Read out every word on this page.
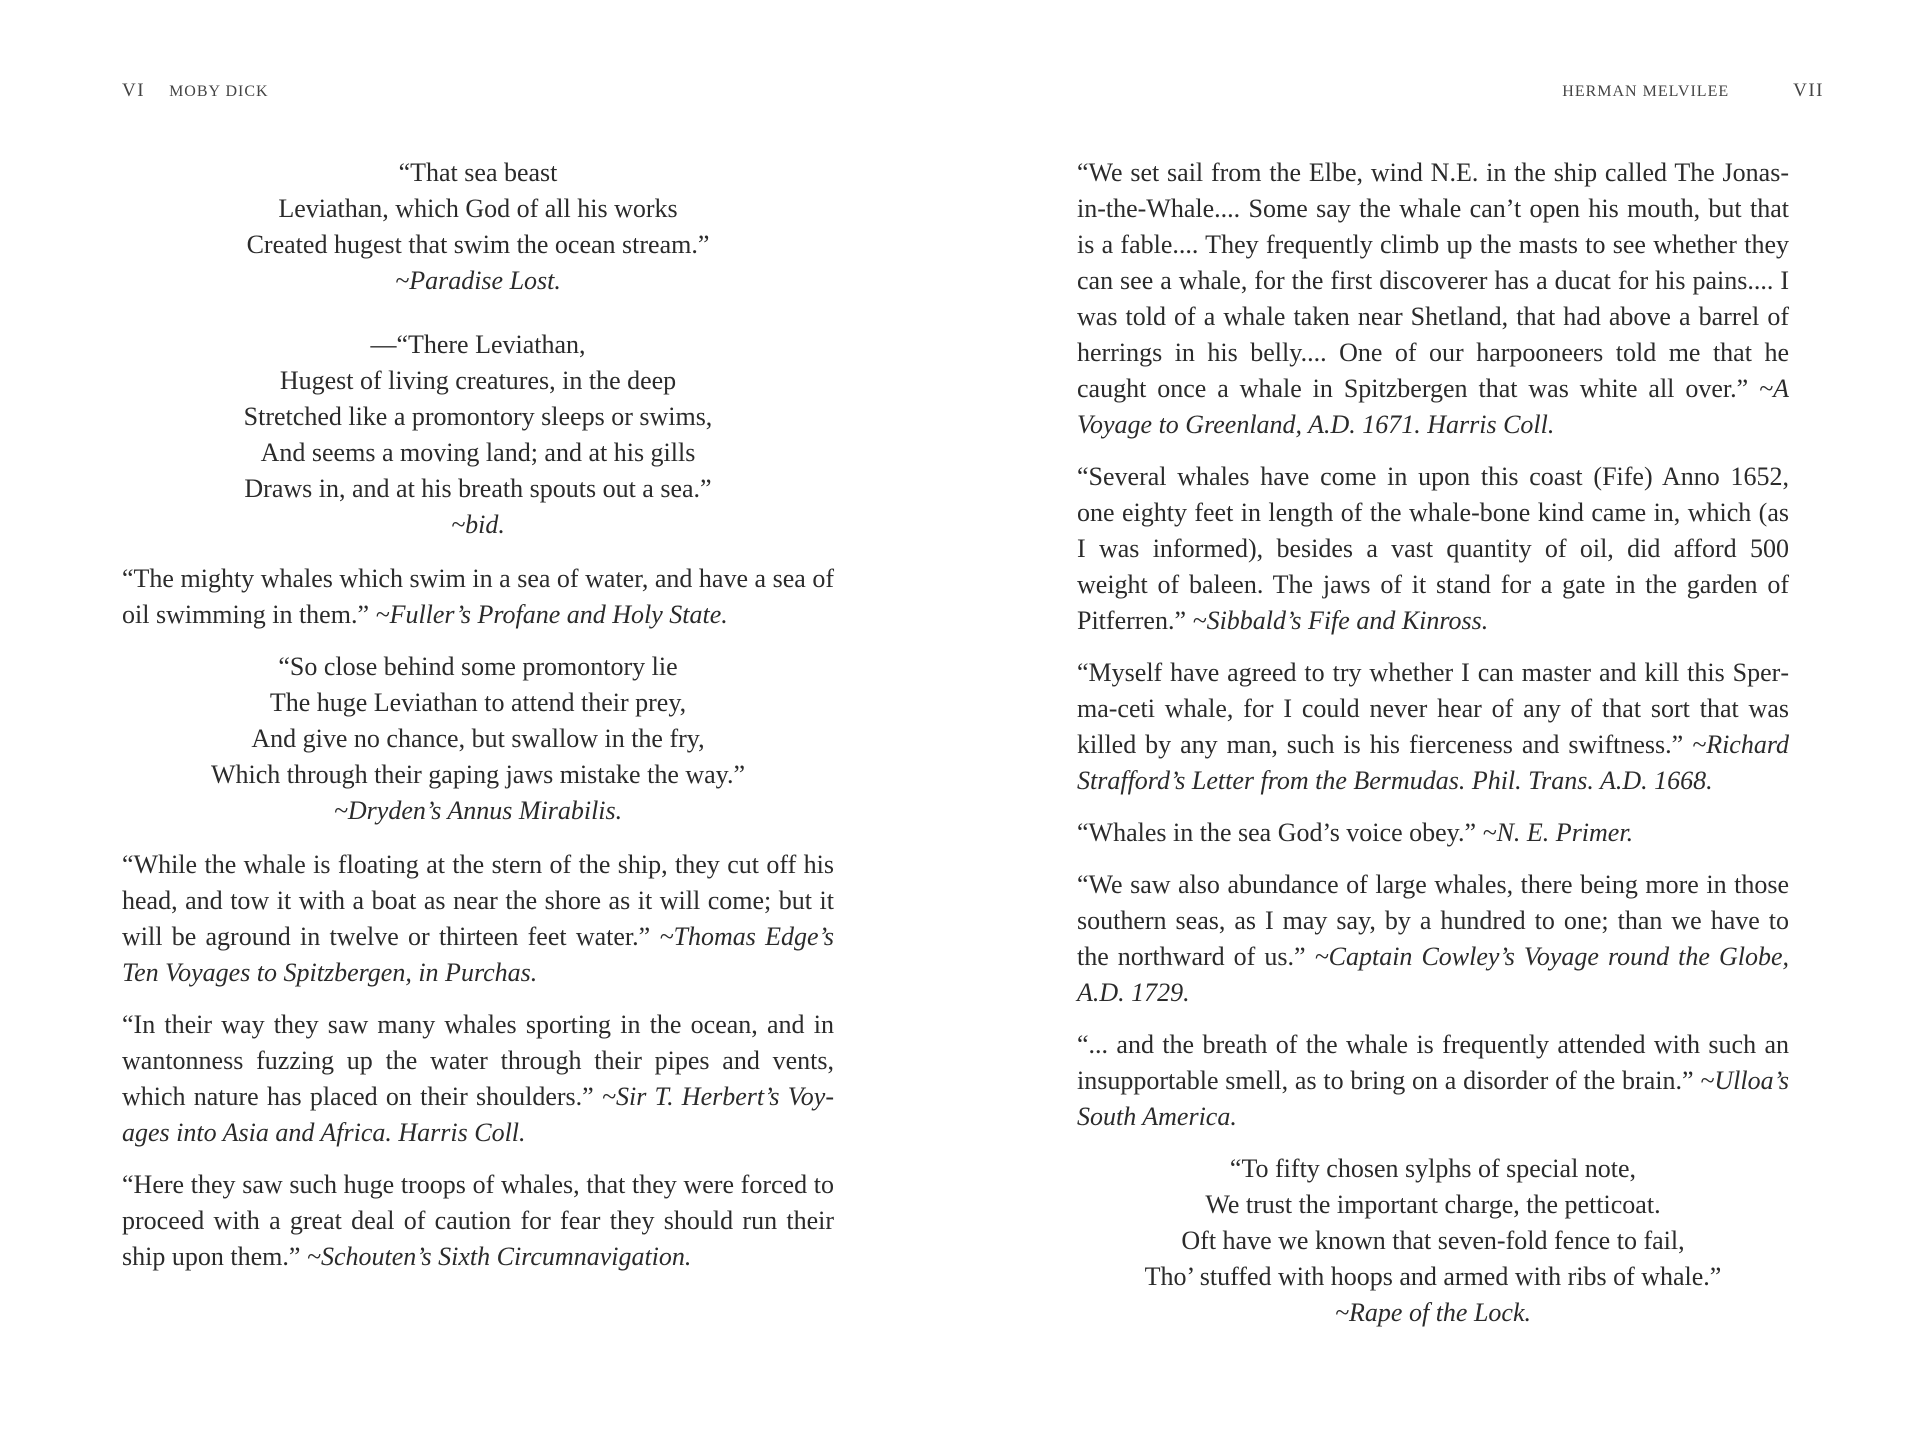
VI MOBY DICK
“That sea beast
Leviathan, which God of all his works
Created hugest that swim the ocean stream.”
~Paradise Lost.
—“There Leviathan,
Hugest of living creatures, in the deep
Stretched like a promontory sleeps or swims,
And seems a moving land; and at his gills
Draws in, and at his breath spouts out a sea.”
~bid.

“The mighty whales which swim in a sea of water, and have a sea of oil swimming in them.” ~Fuller’s Profane and Holy State.

“So close behind some promontory lie
The huge Leviathan to attend their prey,
And give no chance, but swallow in the fry,
Which through their gaping jaws mistake the way.”
~Dryden’s Annus Mirabilis.

“While the whale is floating at the stern of the ship, they cut off his head, and tow it with a boat as near the shore as it will come; but it will be aground in twelve or thirteen feet water.” ~Thomas Edge’s Ten Voyages to Spitzbergen, in Purchas.

“In their way they saw many whales sporting in the ocean, and in wantonness fuzzing up the water through their pipes and vents, which nature has placed on their shoulders.” ~Sir T. Herbert’s Voyages into Asia and Africa. Harris Coll.

“Here they saw such huge troops of whales, that they were forced to proceed with a great deal of caution for fear they should run their ship upon them.” ~Schouten’s Sixth Circumnavigation.

HERMAN MELVILEE	VII

“We set sail from the Elbe, wind N.E. in the ship called The Jonas-in-the-Whale.... Some say the whale can’t open his mouth, but that is a fable.... They frequently climb up the masts to see whether they can see a whale, for the first discoverer has a ducat for his pains.... I was told of a whale taken near Shetland, that had above a barrel of herrings in his belly.... One of our harpooneers told me that he caught once a whale in Spitzbergen that was white all over.” ~A Voyage to Greenland, A.D. 1671. Harris Coll.

“Several whales have come in upon this coast (Fife) Anno 1652, one eighty feet in length of the whale-bone kind came in, which (as I was informed), besides a vast quantity of oil, did afford 500 weight of baleen. The jaws of it stand for a gate in the garden of Pitferren.” ~Sibbald’s Fife and Kinross.

“Myself have agreed to try whether I can master and kill this Sperma-ceti whale, for I could never hear of any of that sort that was killed by any man, such is his fierceness and swiftness.” ~Richard Strafford’s Letter from the Bermudas. Phil. Trans. A.D. 1668.

“Whales in the sea God’s voice obey.” ~N. E. Primer.

“We saw also abundance of large whales, there being more in those southern seas, as I may say, by a hundred to one; than we have to the northward of us.” ~Captain Cowley’s Voyage round the Globe, A.D. 1729.

“... and the breath of the whale is frequently attended with such an insupportable smell, as to bring on a disorder of the brain.” ~Ulloa’s South America.

“To fifty chosen sylphs of special note,
We trust the important charge, the petticoat.
Oft have we known that seven-fold fence to fail,
Tho’ stuffed with hoops and armed with ribs of whale.”
~Rape of the Lock.
